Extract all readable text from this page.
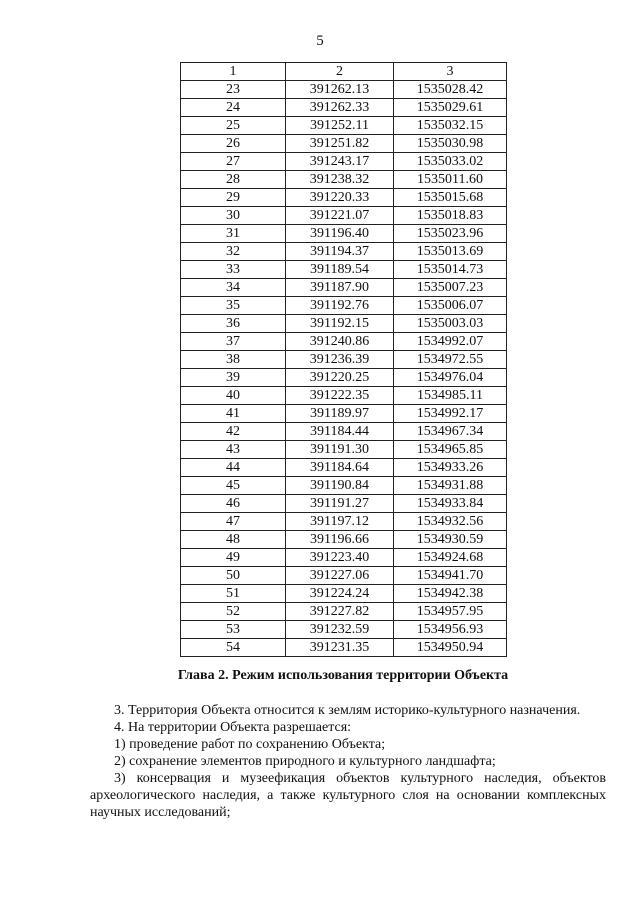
5
1	2	3
23	391262.13	1535028.42
24	391262.33	1535029.61
25	391252.11	1535032.15
26	391251.82	1535030.98
27	391243.17	1535033.02
28	391238.32	1535011.60
29	391220.33	1535015.68
30	391221.07	1535018.83
31	391196.40	1535023.96
32	391194.37	1535013.69
33	391189.54	1535014.73
34	391187.90	1535007.23
35	391192.76	1535006.07
36	391192.15	1535003.03
37	391240.86	1534992.07
38	391236.39	1534972.55
39	391220.25	1534976.04
40	391222.35	1534985.11
41	391189.97	1534992.17
42	391184.44	1534967.34
43	391191.30	1534965.85
44	391184.64	1534933.26
45	391190.84	1534931.88
46	391191.27	1534933.84
47	391197.12	1534932.56
48	391196.66	1534930.59
49	391223.40	1534924.68
50	391227.06	1534941.70
51	391224.24	1534942.38
52	391227.82	1534957.95
53	391232.59	1534956.93
54	391231.35	1534950.94
Глава 2. Режим использования территории Объекта

3. Территория Объекта относится к землям историко-культурного назначения.

4. На территории Объекта разрешается:

1) проведение работ по сохранению Объекта;

2) сохранение элементов природного и культурного ландшафта;

3) консервация и музеефикация объектов культурного наследия, объектов археологического наследия, а также культурного слоя на основании комплексных научных исследований;
